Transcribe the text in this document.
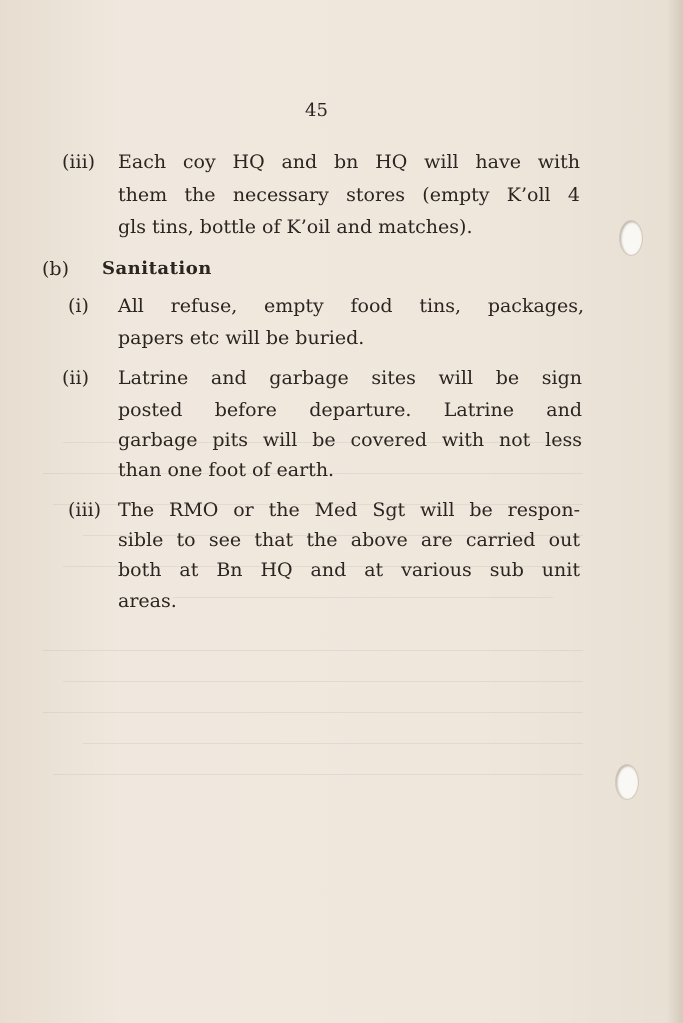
45
(iii) Each coy HQ and bn HQ will have with
them the necessary stores (empty K’oll 4
gls tins, bottle of K’oil and matches).
(b) Sanitation
(i) All refuse, empty food tins, packages,
papers etc will be buried.
(ii) Latrine and garbage sites will be sign
posted before departure. Latrine and
garbage pits will be covered with not less
than one foot of earth.
(iii) The RMO or the Med Sgt will be respon-
sible to see that the above are carried out
both at Bn HQ and at various sub unit
areas.
